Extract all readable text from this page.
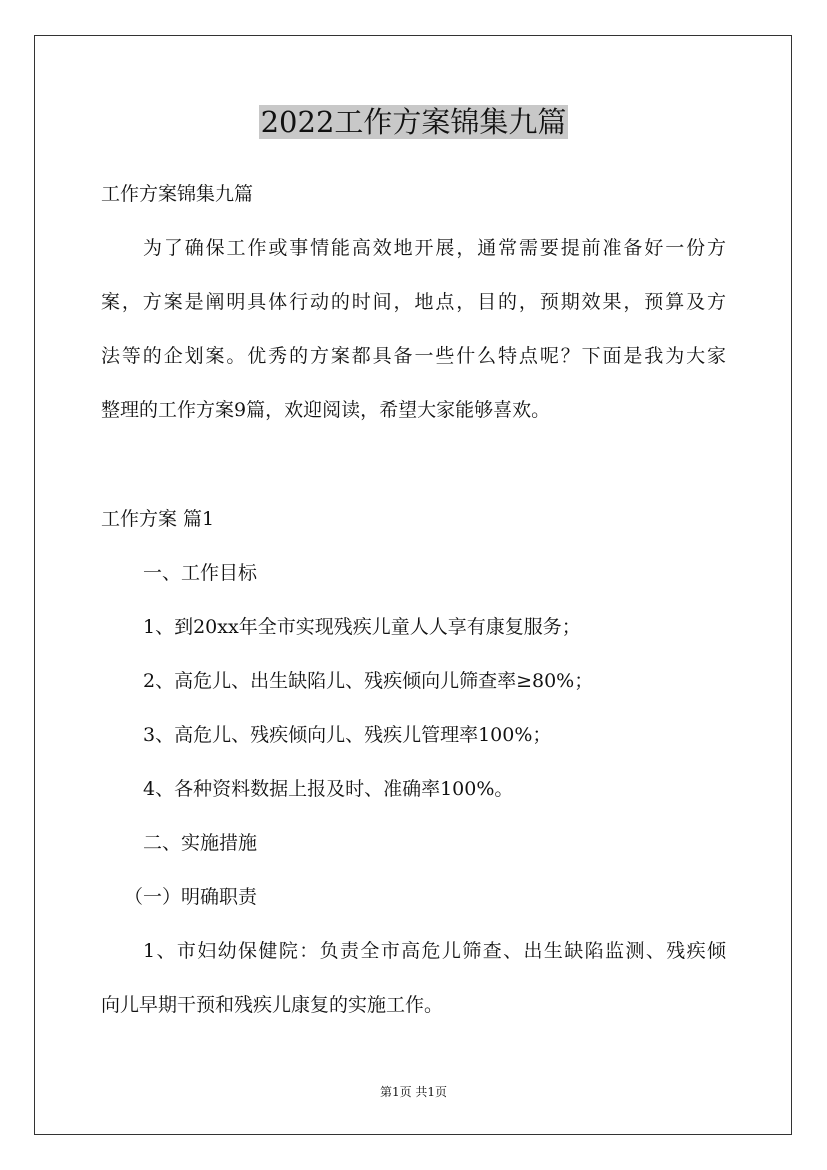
2022工作方案锦集九篇
工作方案锦集九篇
为了确保工作或事情能高效地开展，通常需要提前准备好一份方
案，方案是阐明具体行动的时间，地点，目的，预期效果，预算及方
法等的企划案。优秀的方案都具备一些什么特点呢？下面是我为大家
整理的工作方案9篇，欢迎阅读，希望大家能够喜欢。
工作方案 篇1
一、工作目标
1、到20xx年全市实现残疾儿童人人享有康复服务；
2、高危儿、出生缺陷儿、残疾倾向儿筛查率≥80%；
3、高危儿、残疾倾向儿、残疾儿管理率100%；
4、各种资料数据上报及时、准确率100%。
二、实施措施
（一）明确职责
1、市妇幼保健院：负责全市高危儿筛查、出生缺陷监测、残疾倾
向儿早期干预和残疾儿康复的实施工作。
第1页 共1页
